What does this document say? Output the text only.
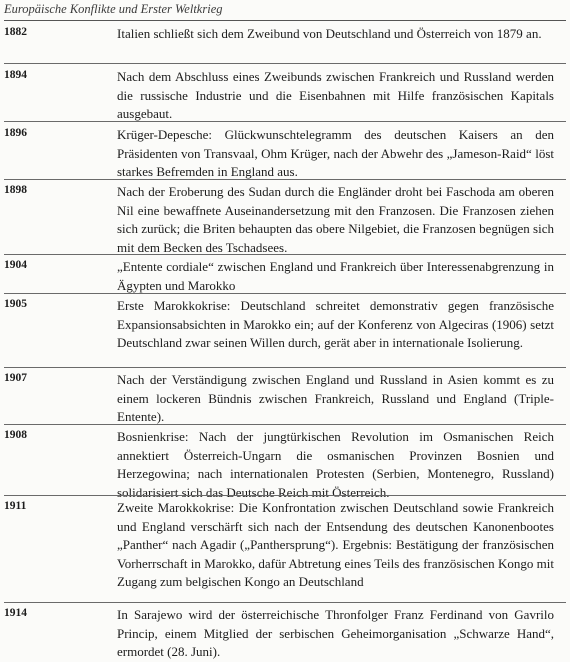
Europäische Konflikte und Erster Weltkrieg
1882	Italien schließt sich dem Zweibund von Deutschland und Österreich von 1879 an.
1894	Nach dem Abschluss eines Zweibunds zwischen Frankreich und Russland werden die russische Industrie und die Eisenbahnen mit Hilfe französischen Kapitals ausgebaut.
1896	Krüger-Depesche: Glückwunschtelegramm des deutschen Kaisers an den Präsidenten von Transvaal, Ohm Krüger, nach der Abwehr des „Jameson-Raid“ löst starkes Befremden in England aus.
1898	Nach der Eroberung des Sudan durch die Engländer droht bei Faschoda am oberen Nil eine bewaffnete Auseinandersetzung mit den Franzosen. Die Franzosen ziehen sich zurück; die Briten behaupten das obere Nilgebiet, die Franzosen begnügen sich mit dem Becken des Tschadsees.
1904	„Entente cordiale“ zwischen England und Frankreich über Interessenabgrenzung in Ägypten und Marokko
1905	Erste Marokkokrise: Deutschland schreitet demonstrativ gegen französische Expansionsabsichten in Marokko ein; auf der Konferenz von Algeciras (1906) setzt Deutschland zwar seinen Willen durch, gerät aber in internationale Isolierung.
1907	Nach der Verständigung zwischen England und Russland in Asien kommt es zu einem lockeren Bündnis zwischen Frankreich, Russland und England (Triple-Entente).
1908	Bosnienkrise: Nach der jungtürkischen Revolution im Osmanischen Reich annektiert Österreich-Ungarn die osmanischen Provinzen Bosnien und Herzegowina; nach internationalen Protesten (Serbien, Montenegro, Russland) solidarisiert sich das Deutsche Reich mit Österreich.
1911	Zweite Marokkokrise: Die Konfrontation zwischen Deutschland sowie Frankreich und England verschärft sich nach der Entsendung des deutschen Kanonenbootes „Panther“ nach Agadir („Panthersprung“). Ergebnis: Bestätigung der französischen Vorherrschaft in Marokko, dafür Abtretung eines Teils des französischen Kongo mit Zugang zum belgischen Kongo an Deutschland
1914	In Sarajewo wird der österreichische Thronfolger Franz Ferdinand von Gavrilo Princip, einem Mitglied der serbischen Geheimorganisation „Schwarze Hand“, ermordet (28. Juni).
